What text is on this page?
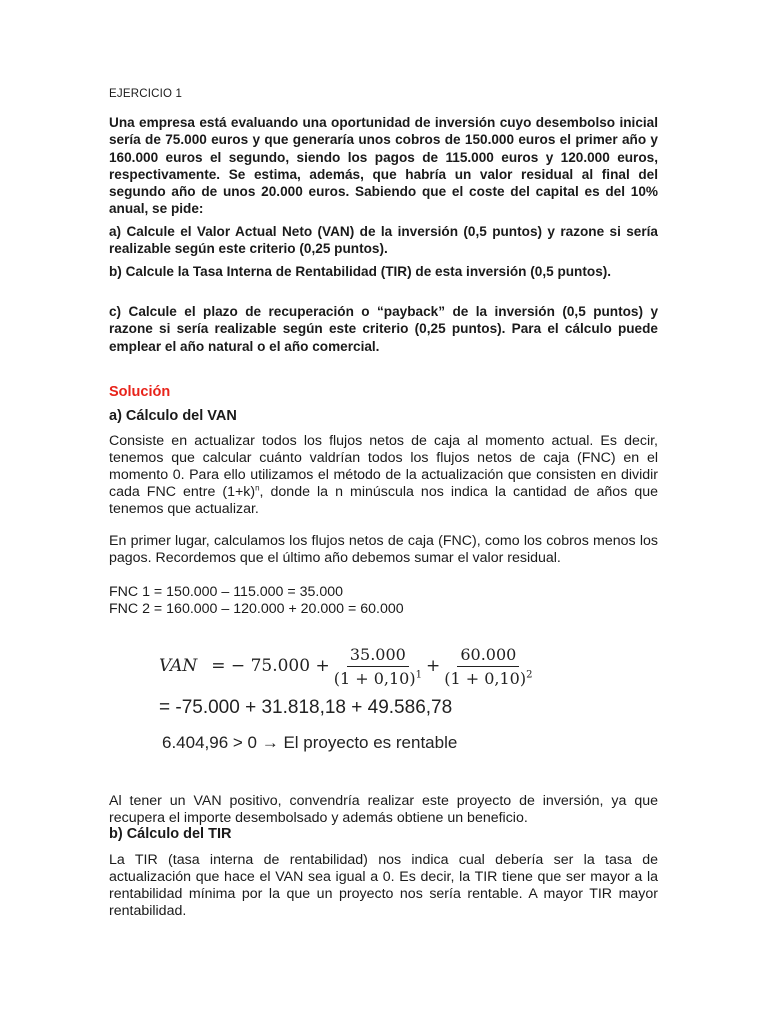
EJERCICIO 1
Una empresa está evaluando una oportunidad de inversión cuyo desembolso inicial sería de 75.000 euros y que generaría unos cobros de 150.000 euros el primer año y 160.000 euros el segundo, siendo los pagos de 115.000 euros y 120.000 euros, respectivamente. Se estima, además, que habría un valor residual al final del segundo año de unos 20.000 euros. Sabiendo que el coste del capital es del 10% anual, se pide:
a) Calcule el Valor Actual Neto (VAN) de la inversión (0,5 puntos) y razone si sería realizable según este criterio (0,25 puntos).
b) Calcule la Tasa Interna de Rentabilidad (TIR) de esta inversión (0,5 puntos).
c) Calcule el plazo de recuperación o “payback” de la inversión (0,5 puntos) y razone si sería realizable según este criterio (0,25 puntos). Para el cálculo puede emplear el año natural o el año comercial.
Solución
a) Cálculo del VAN
Consiste en actualizar todos los flujos netos de caja al momento actual. Es decir, tenemos que calcular cuánto valdrían todos los flujos netos de caja (FNC) en el momento 0. Para ello utilizamos el método de la actualización que consisten en dividir cada FNC entre $(1+k)^n$, donde la n minúscula nos indica la cantidad de años que tenemos que actualizar.
En primer lugar, calculamos los flujos netos de caja (FNC), como los cobros menos los pagos. Recordemos que el último año debemos sumar el valor residual.
FNC 1 = 150.000 – 115.000 = 35.000
FNC 2 = 160.000 – 120.000 + 20.000 = 60.000
VAN = − $75.000 + \frac{35.000}{(1 + 0,10)^1} + \frac{60.000}{(1 + 0,10)^2}$
= -75.000 + 31.818,18 + 49.586,78
6.404,96 > 0 → El proyecto es rentable
Al tener un VAN positivo, convendría realizar este proyecto de inversión, ya que recupera el importe desembolsado y además obtiene un beneficio.
b) Cálculo del TIR
La TIR (tasa interna de rentabilidad) nos indica cual debería ser la tasa de actualización que hace el VAN sea igual a 0. Es decir, la TIR tiene que ser mayor a la rentabilidad mínima por la que un proyecto nos sería rentable. A mayor TIR mayor rentabilidad.
